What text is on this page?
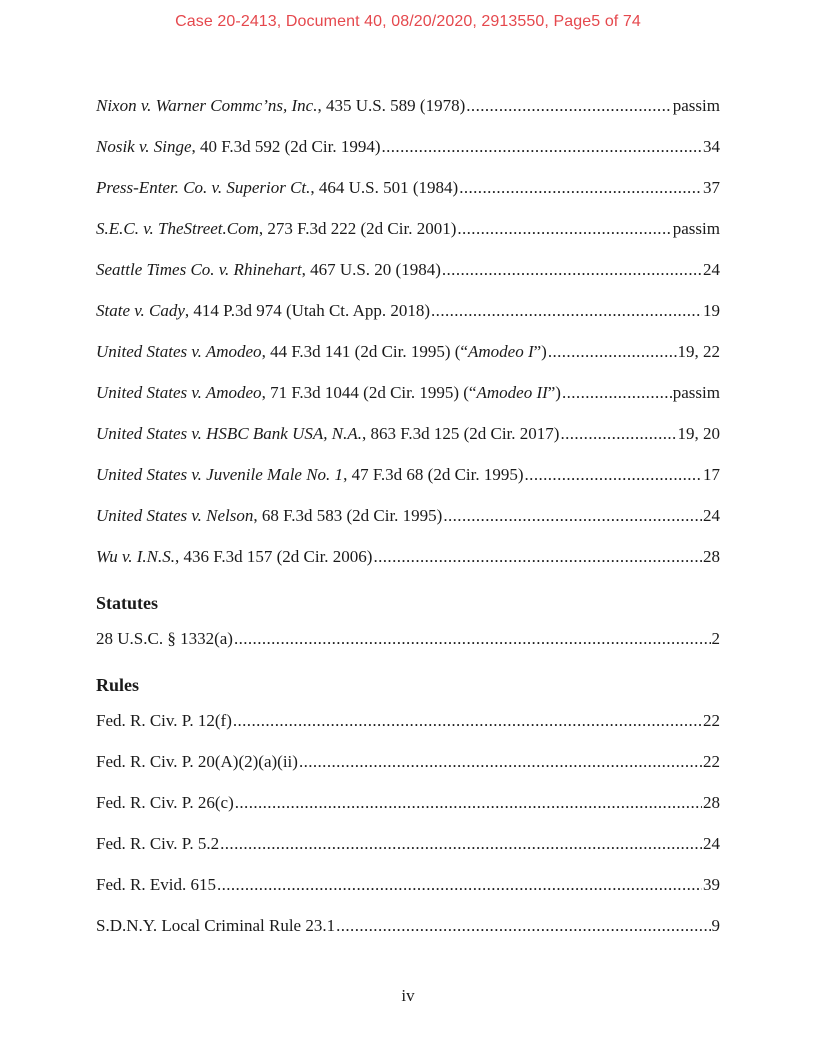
Case 20-2413, Document 40, 08/20/2020, 2913550, Page5 of 74
Nixon v. Warner Commc’ns, Inc., 435 U.S. 589 (1978) .....	passim
Nosik v. Singe, 40 F.3d 592 (2d Cir. 1994) .....	34
Press-Enter. Co. v. Superior Ct., 464 U.S. 501 (1984) .....	37
S.E.C. v. TheStreet.Com, 273 F.3d 222 (2d Cir. 2001) .....	passim
Seattle Times Co. v. Rhinehart, 467 U.S. 20 (1984) .....	24
State v. Cady, 414 P.3d 974 (Utah Ct. App. 2018) .....	19
United States v. Amodeo, 44 F.3d 141 (2d Cir. 1995) (“Amodeo I”) .....	19, 22
United States v. Amodeo, 71 F.3d 1044 (2d Cir. 1995) (“Amodeo II”) .....	passim
United States v. HSBC Bank USA, N.A., 863 F.3d 125 (2d Cir. 2017) .....	19, 20
United States v. Juvenile Male No. 1, 47 F.3d 68 (2d Cir. 1995) .....	17
United States v. Nelson, 68 F.3d 583 (2d Cir. 1995) .....	24
Wu v. I.N.S., 436 F.3d 157 (2d Cir. 2006) .....	28
Statutes
28 U.S.C. § 1332(a) .....	2
Rules
Fed. R. Civ. P. 12(f) .....	22
Fed. R. Civ. P. 20(A)(2)(a)(ii) .....	22
Fed. R. Civ. P. 26(c) .....	28
Fed. R. Civ. P. 5.2 .....	24
Fed. R. Evid. 615 .....	39
S.D.N.Y. Local Criminal Rule 23.1 .....	9
iv
